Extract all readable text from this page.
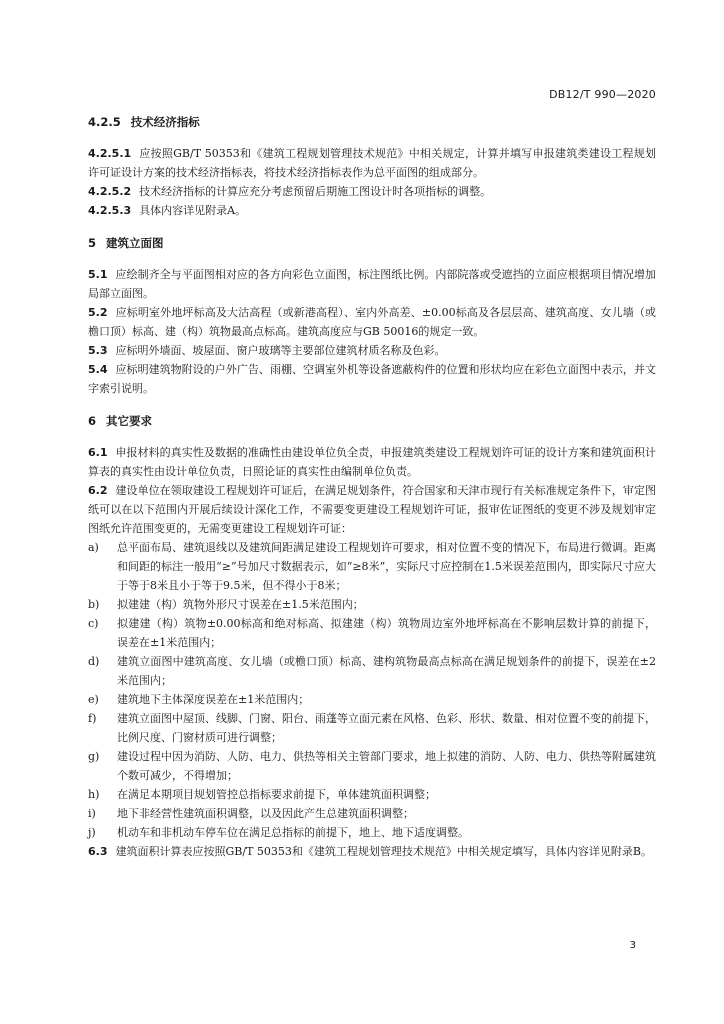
DB12/T 990—2020
4.2.5 技术经济指标

4.2.5.1 应按照GB/T 50353和《建筑工程规划管理技术规范》中相关规定，计算并填写申报建筑类建设工程规划许可证设计方案的技术经济指标表，将技术经济指标表作为总平面图的组成部分。

4.2.5.2 技术经济指标的计算应充分考虑预留后期施工图设计时各项指标的调整。

4.2.5.3 具体内容详见附录A。

5 建筑立面图

5.1 应绘制齐全与平面图相对应的各方向彩色立面图，标注图纸比例。内部院落或受遮挡的立面应根据项目情况增加局部立面图。

5.2 应标明室外地坪标高及大沽高程（或新港高程）、室内外高差、±0.00标高及各层层高、建筑高度、女儿墙（或檐口顶）标高、建（构）筑物最高点标高。建筑高度应与GB 50016的规定一致。

5.3 应标明外墙面、坡屋面、窗户玻璃等主要部位建筑材质名称及色彩。

5.4 应标明建筑物附设的户外广告、雨棚、空调室外机等设备遮蔽构件的位置和形状均应在彩色立面图中表示，并文字索引说明。

6 其它要求

6.1 申报材料的真实性及数据的准确性由建设单位负全责，申报建筑类建设工程规划许可证的设计方案和建筑面积计算表的真实性由设计单位负责，日照论证的真实性由编制单位负责。

6.2 建设单位在领取建设工程规划许可证后，在满足规划条件，符合国家和天津市现行有关标准规定条件下，审定图纸可以在以下范围内开展后续设计深化工作，不需要变更建设工程规划许可证，报审佐证图纸的变更不涉及规划审定图纸允许范围变更的，无需变更建设工程规划许可证：

a)	总平面布局、建筑退线以及建筑间距满足建设工程规划许可要求，相对位置不变的情况下，布局进行微调。距离和间距的标注一般用“≥”号加尺寸数据表示，如“≥8米”，实际尺寸应控制在1.5米误差范围内，即实际尺寸应大于等于8米且小于等于9.5米，但不得小于8米；
b)	拟建建（构）筑物外形尺寸误差在±1.5米范围内；
c)	拟建建（构）筑物±0.00标高和绝对标高、拟建建（构）筑物周边室外地坪标高在不影响层数计算的前提下，误差在±1米范围内；
d)	建筑立面图中建筑高度、女儿墙（或檐口顶）标高、建构筑物最高点标高在满足规划条件的前提下，误差在±2米范围内；
e)	建筑地下主体深度误差在±1米范围内；
f)	建筑立面图中屋顶、线脚、门窗、阳台、雨蓬等立面元素在风格、色彩、形状、数量、相对位置不变的前提下，比例尺度、门窗材质可进行调整；
g)	建设过程中因为消防、人防、电力、供热等相关主管部门要求，地上拟建的消防、人防、电力、供热等附属建筑个数可减少，不得增加；
h)	在满足本期项目规划管控总指标要求前提下，单体建筑面积调整；
i)	地下非经营性建筑面积调整，以及因此产生总建筑面积调整；
j)	机动车和非机动车停车位在满足总指标的前提下，地上、地下适度调整。

6.3 建筑面积计算表应按照GB/T 50353和《建筑工程规划管理技术规范》中相关规定填写，具体内容详见附录B。

3
